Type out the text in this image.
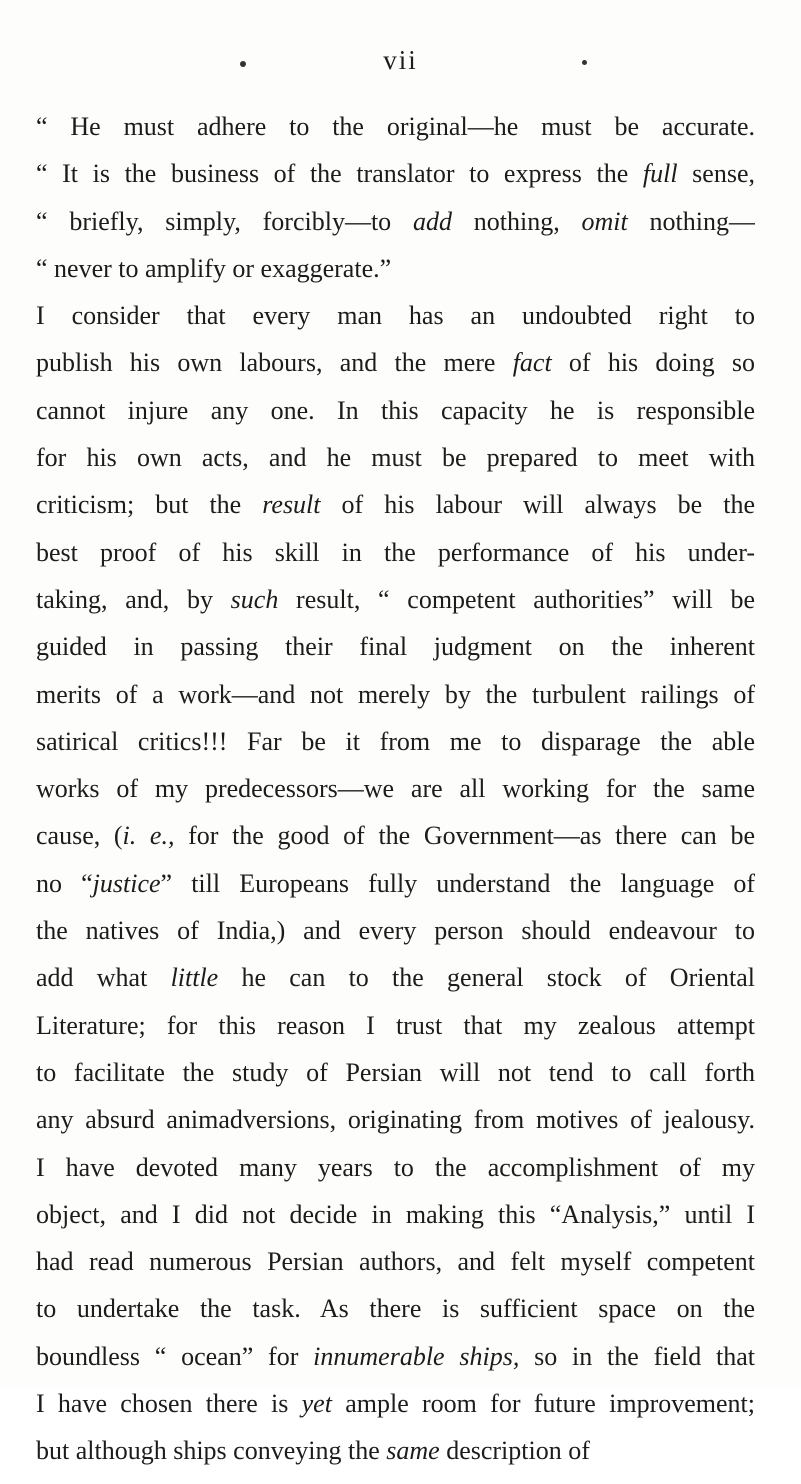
vii
“ He must adhere to the original—he must be accurate.
“ It is the business of the translator to express the full sense,
“ briefly, simply, forcibly—to add nothing, omit nothing—
“ never to amplify or exaggerate.”
I consider that every man has an undoubted right to
publish his own labours, and the mere fact of his doing so
cannot injure any one. In this capacity he is responsible
for his own acts, and he must be prepared to meet with
criticism; but the result of his labour will always be the
best proof of his skill in the performance of his under-
taking, and, by such result, “ competent authorities” will be
guided in passing their final judgment on the inherent
merits of a work—and not merely by the turbulent railings of
satirical critics!!! Far be it from me to disparage the able
works of my predecessors—we are all working for the same
cause, (i. e., for the good of the Government—as there can be
no “justice” till Europeans fully understand the language of
the natives of India,) and every person should endeavour to
add what little he can to the general stock of Oriental
Literature; for this reason I trust that my zealous attempt
to facilitate the study of Persian will not tend to call forth
any absurd animadversions, originating from motives of jealousy.
I have devoted many years to the accomplishment of my
object, and I did not decide in making this “Analysis,” until I
had read numerous Persian authors, and felt myself competent
to undertake the task. As there is sufficient space on the
boundless “ ocean” for innumerable ships, so in the field that
I have chosen there is yet ample room for future improvement;
but although ships conveying the same description of
